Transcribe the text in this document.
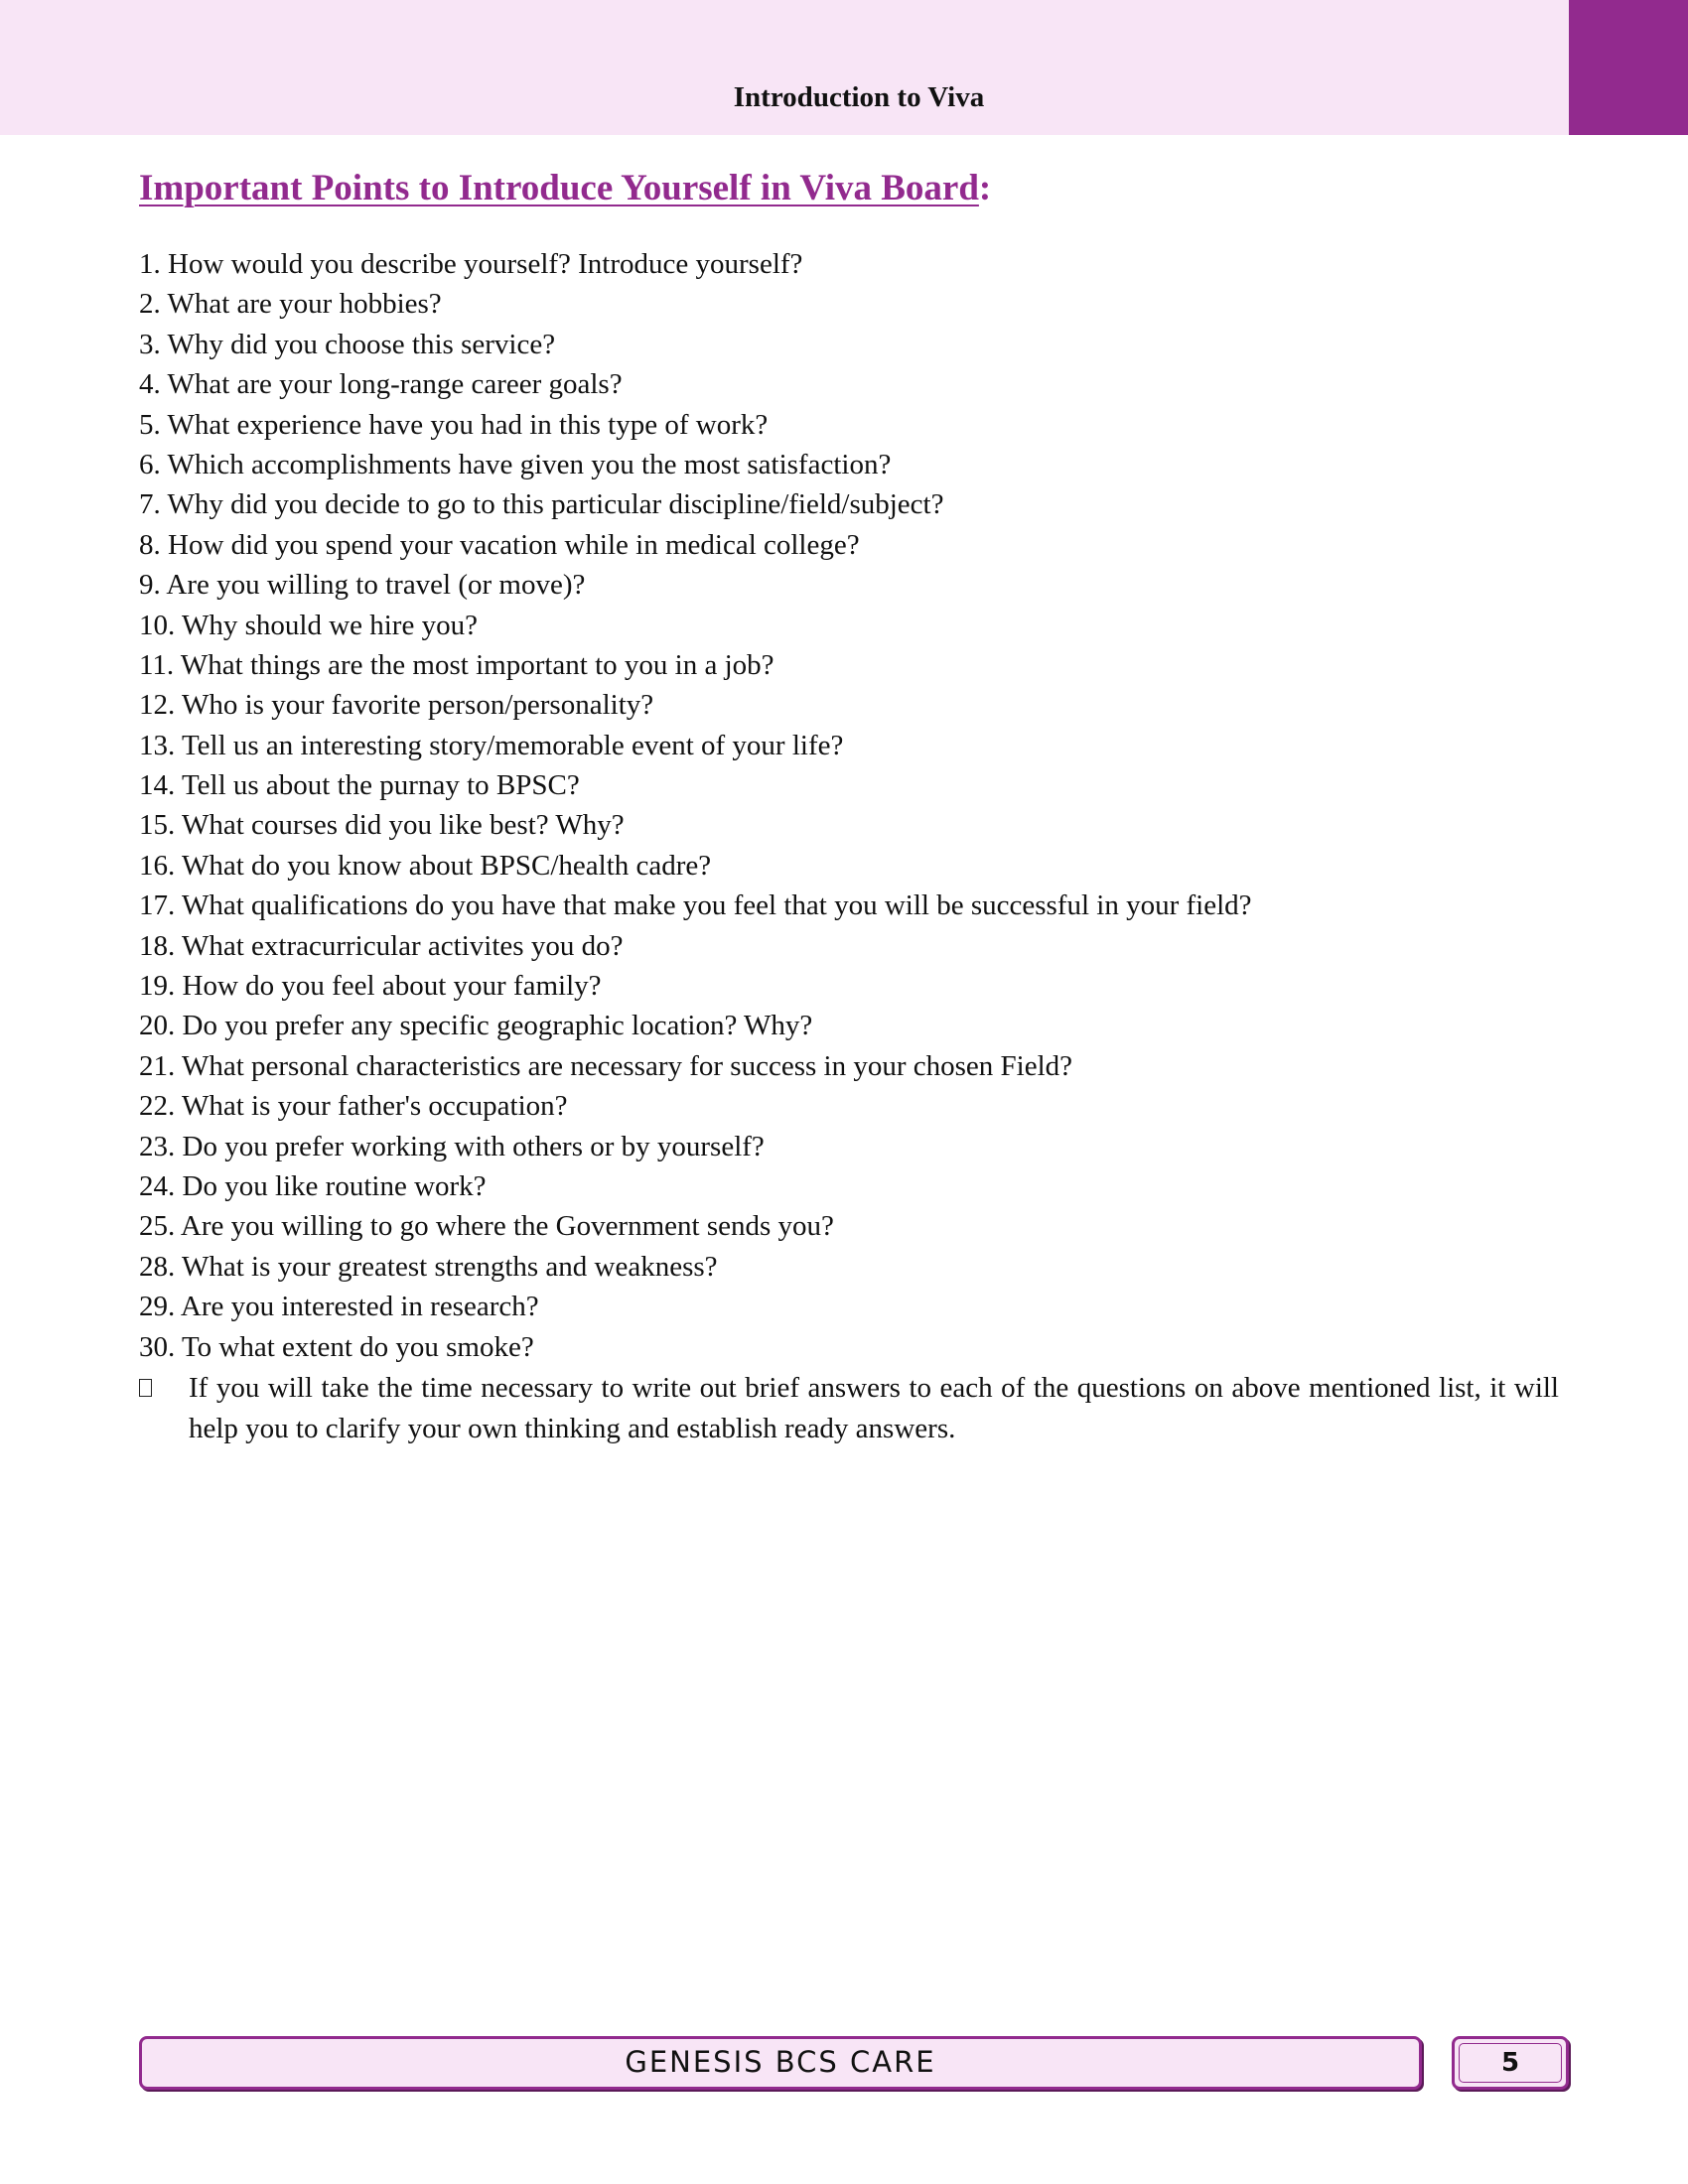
Introduction to Viva
Important Points to Introduce Yourself in Viva Board:
1. How would you describe yourself? Introduce yourself?
2. What are your hobbies?
3. Why did you choose this service?
4. What are your long-range career goals?
5. What experience have you had in this type of work?
6. Which accomplishments have given you the most satisfaction?
7. Why did you decide to go to this particular discipline/field/subject?
8. How did you spend your vacation while in medical college?
9. Are you willing to travel (or move)?
10. Why should we hire you?
11. What things are the most important to you in a job?
12. Who is your favorite person/personality?
13. Tell us an interesting story/memorable event of your life?
14. Tell us about the purnay to BPSC?
15. What courses did you like best? Why?
16. What do you know about BPSC/health cadre?
17. What qualifications do you have that make you feel that you will be successful in your field?
18. What extracurricular activites you do?
19. How do you feel about your family?
20. Do you prefer any specific geographic location? Why?
21. What personal characteristics are necessary for success in your chosen Field?
22. What is your father's occupation?
23. Do you prefer working with others or by yourself?
24. Do you like routine work?
25. Are you willing to go where the Government sends you?
28. What is your greatest strengths and weakness?
29. Are you interested in research?
30. To what extent do you smoke?
If you will take the time necessary to write out brief answers to each of the questions on above mentioned list, it will help you to clarify your own thinking and establish ready answers.
GENESIS BCS CARE	5
